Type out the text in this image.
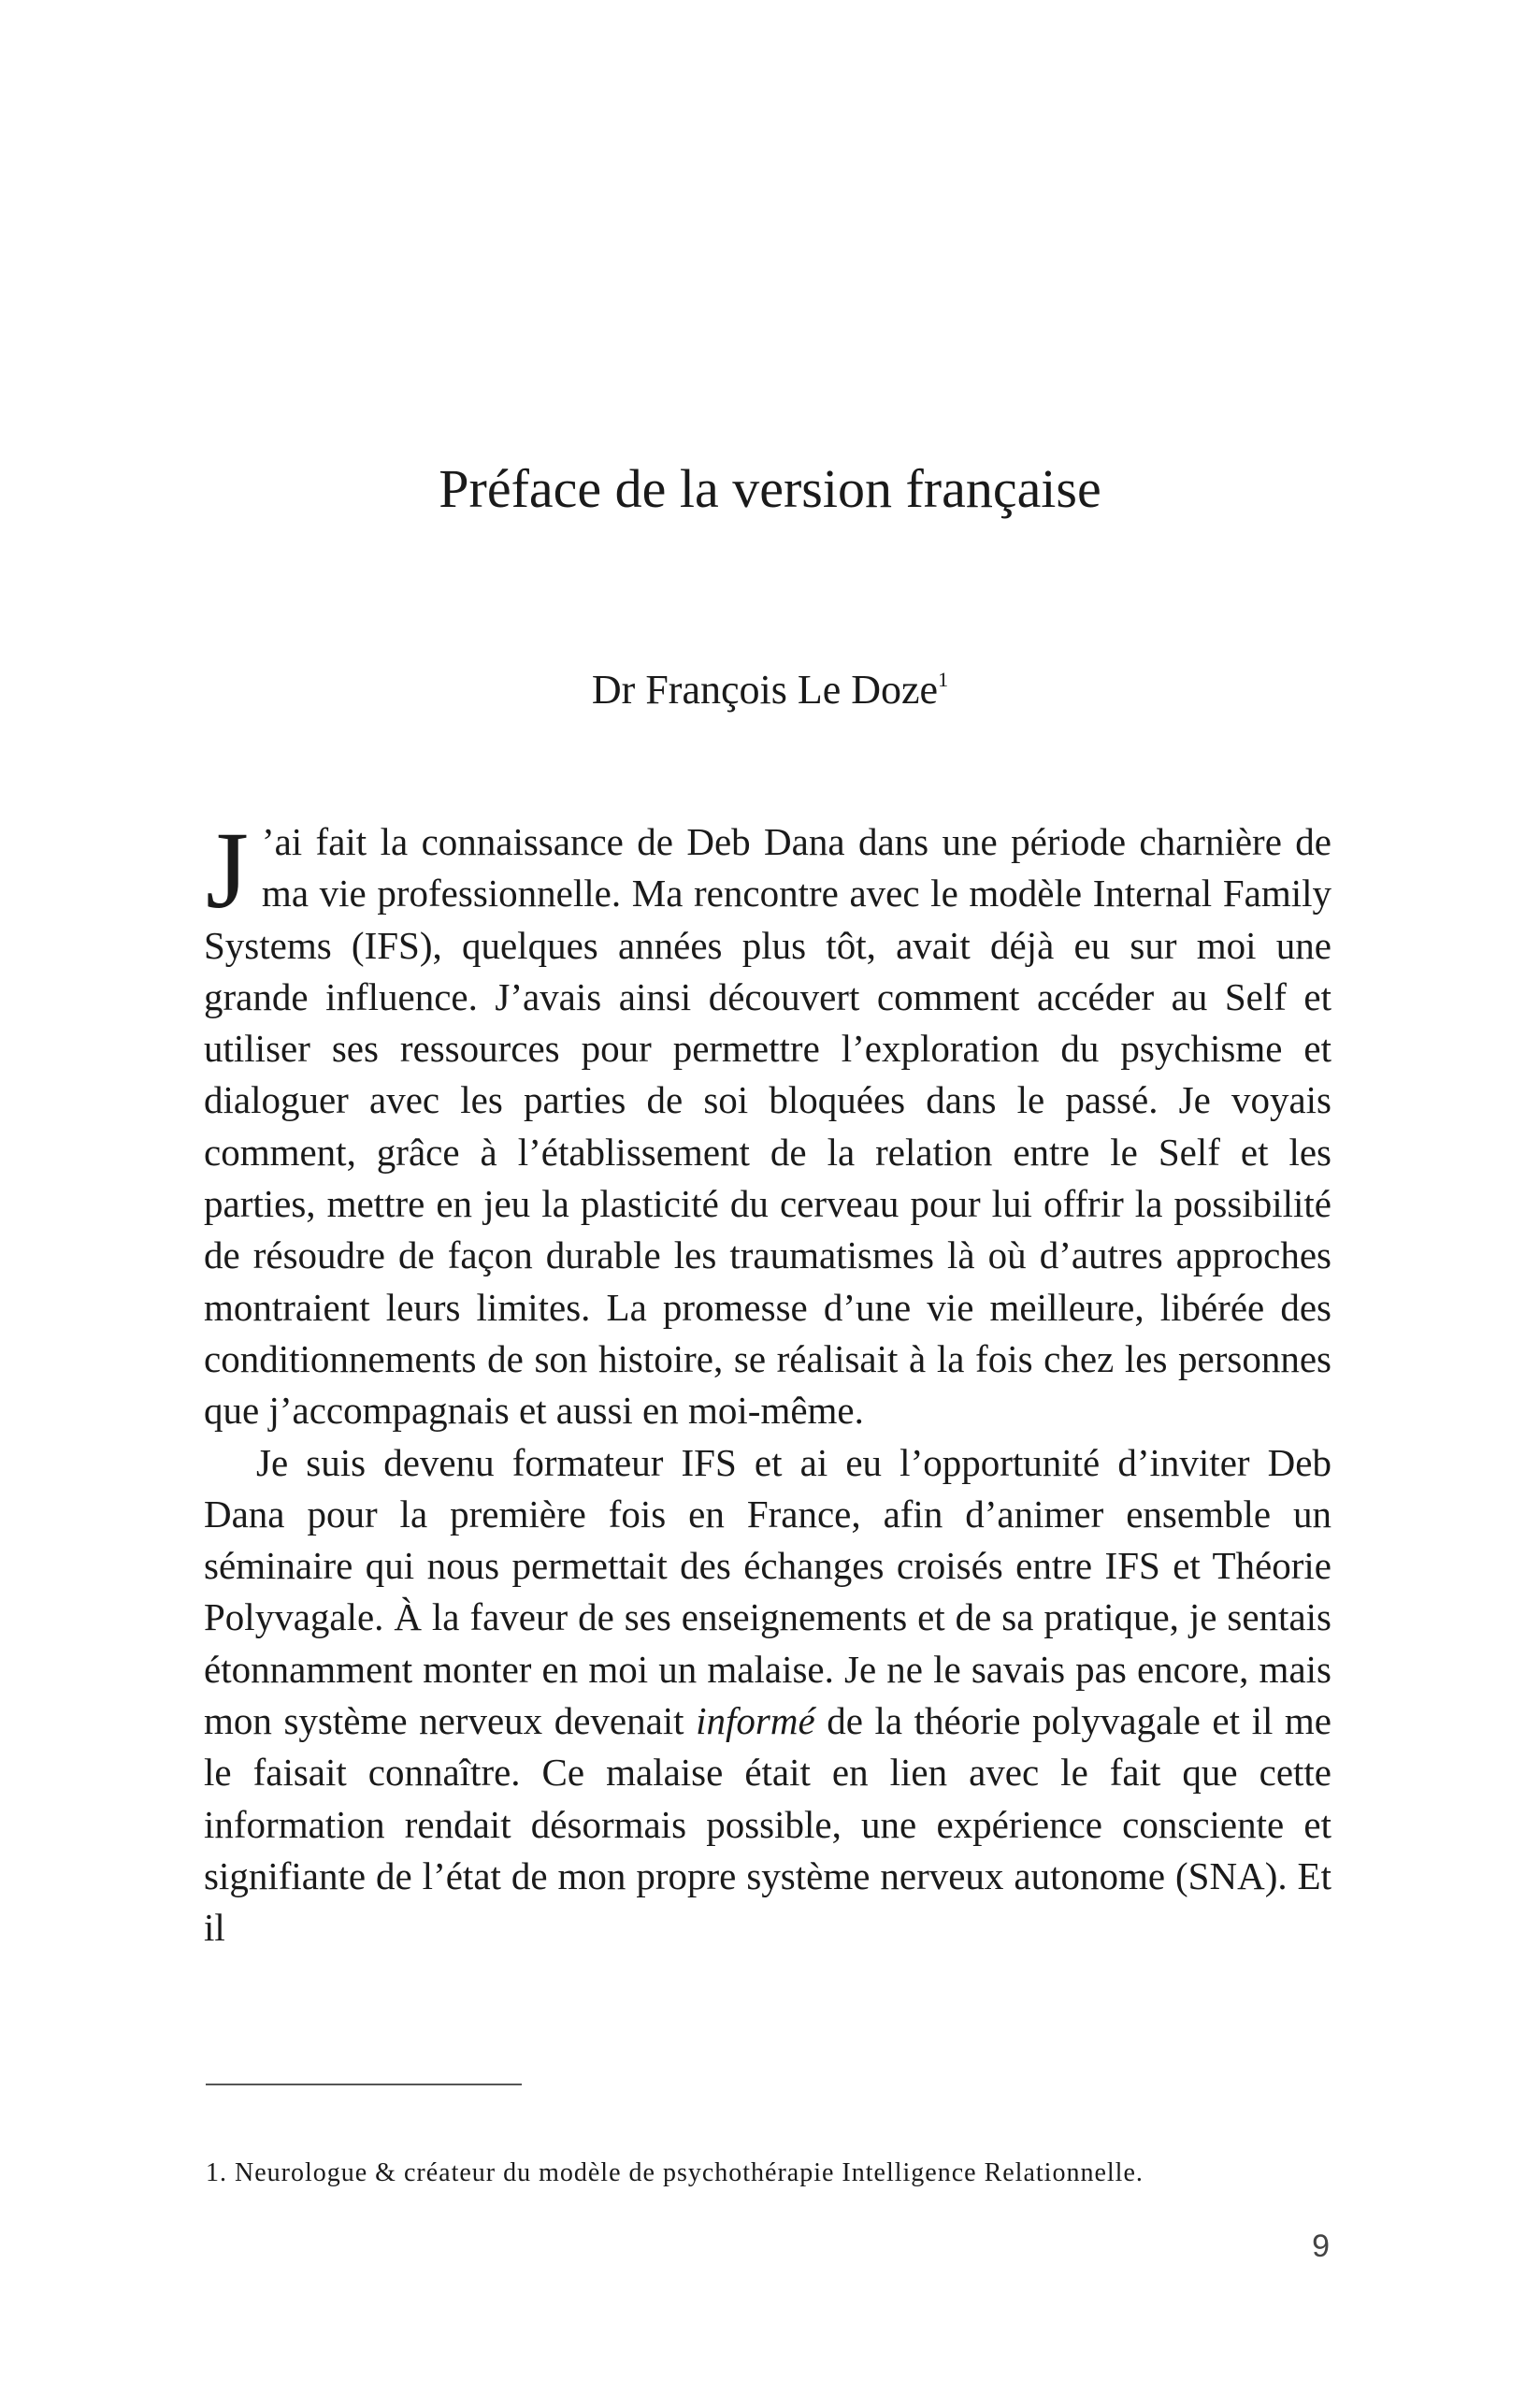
Préface de la version française
Dr François Le Doze$^1$

J ’ai fait la connaissance de Deb Dana dans une période charnière de ma vie professionnelle. Ma rencontre avec le modèle Internal Family Systems (IFS), quelques années plus tôt, avait déjà eu sur moi une grande influence. J’avais ainsi découvert comment accéder au Self et utiliser ses ressources pour permettre l’exploration du psychisme et dialoguer avec les parties de soi bloquées dans le passé. Je voyais comment, grâce à l’établissement de la relation entre le Self et les parties, mettre en jeu la plasticité du cerveau pour lui offrir la possibilité de résoudre de façon durable les traumatismes là où d’autres approches montraient leurs limites. La promesse d’une vie meilleure, libérée des conditionnements de son histoire, se réalisait à la fois chez les personnes que j’accompagnais et aussi en moi-même.

Je suis devenu formateur IFS et ai eu l’opportunité d’inviter Deb Dana pour la première fois en France, afin d’animer ensemble un séminaire qui nous permettait des échanges croisés entre IFS et Théorie Polyvagale. À la faveur de ses enseignements et de sa pratique, je sentais étonnamment monter en moi un malaise. Je ne le savais pas encore, mais mon système nerveux devenait informé de la théorie polyvagale et il me le faisait connaître. Ce malaise était en lien avec le fait que cette information rendait désormais possible, une expérience consciente et signifiante de l’état de mon propre système nerveux autonome (SNA). Et il

1. Neurologue & créateur du modèle de psychothérapie Intelligence Relationnelle.

9
